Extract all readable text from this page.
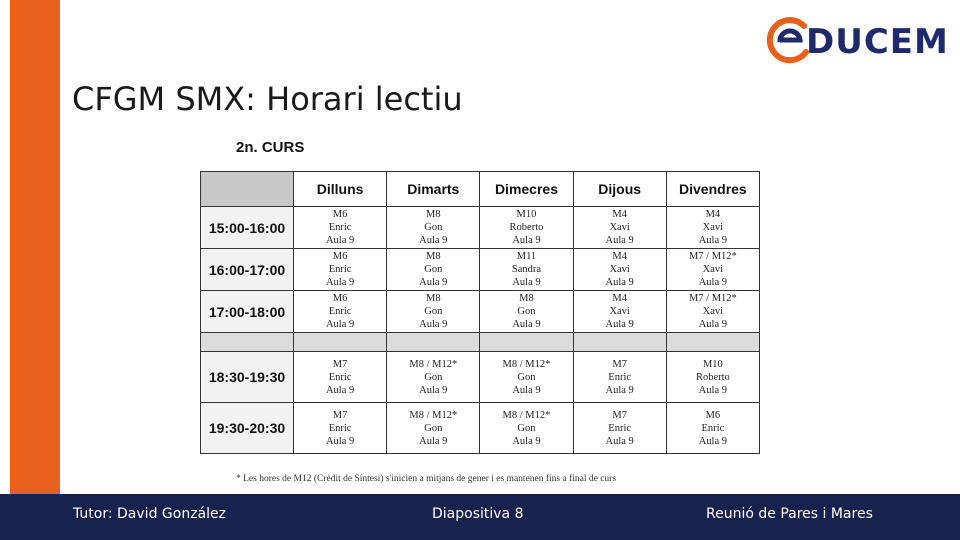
DUCEM
CFGM SMX: Horari lectiu
2n. CURS
	Dilluns	Dimarts	Dimecres	Dijous	Divendres
15:00-16:00	M6
Enric
Aula 9	M8
Gon
Aula 9	M10
Roberto
Aula 9	M4
Xavi
Aula 9	M4
Xavi
Aula 9

16:00-17:00	M6
Enric
Aula 9	M8
Gon
Aula 9	M11
Sandra
Aula 9	M4
Xavi
Aula 9	M7 / M12*
Xavi
Aula 9

17:00-18:00	M6
Enric
Aula 9	M8
Gon
Aula 9	M8
Gon
Aula 9	M4
Xavi
Aula 9	M7 / M12*
Xavi
Aula 9

18:30-19:30	M7
Enric
Aula 9	M8 / M12*
Gon
Aula 9	M8 / M12*
Gon
Aula 9	M7
Enric
Aula 9	M10
Roberto
Aula 9

19:30-20:30	M7
Enric
Aula 9	M8 / M12*
Gon
Aula 9	M8 / M12*
Gon
Aula 9	M7
Enric
Aula 9	M6
Enric
Aula 9
* Les hores de M12 (Crèdit de Síntesi) s'inicien a mitjans de gener i es mantenen fins a final de curs
Tutor: David González	Diapositiva 8	Reunió de Pares i Mares
